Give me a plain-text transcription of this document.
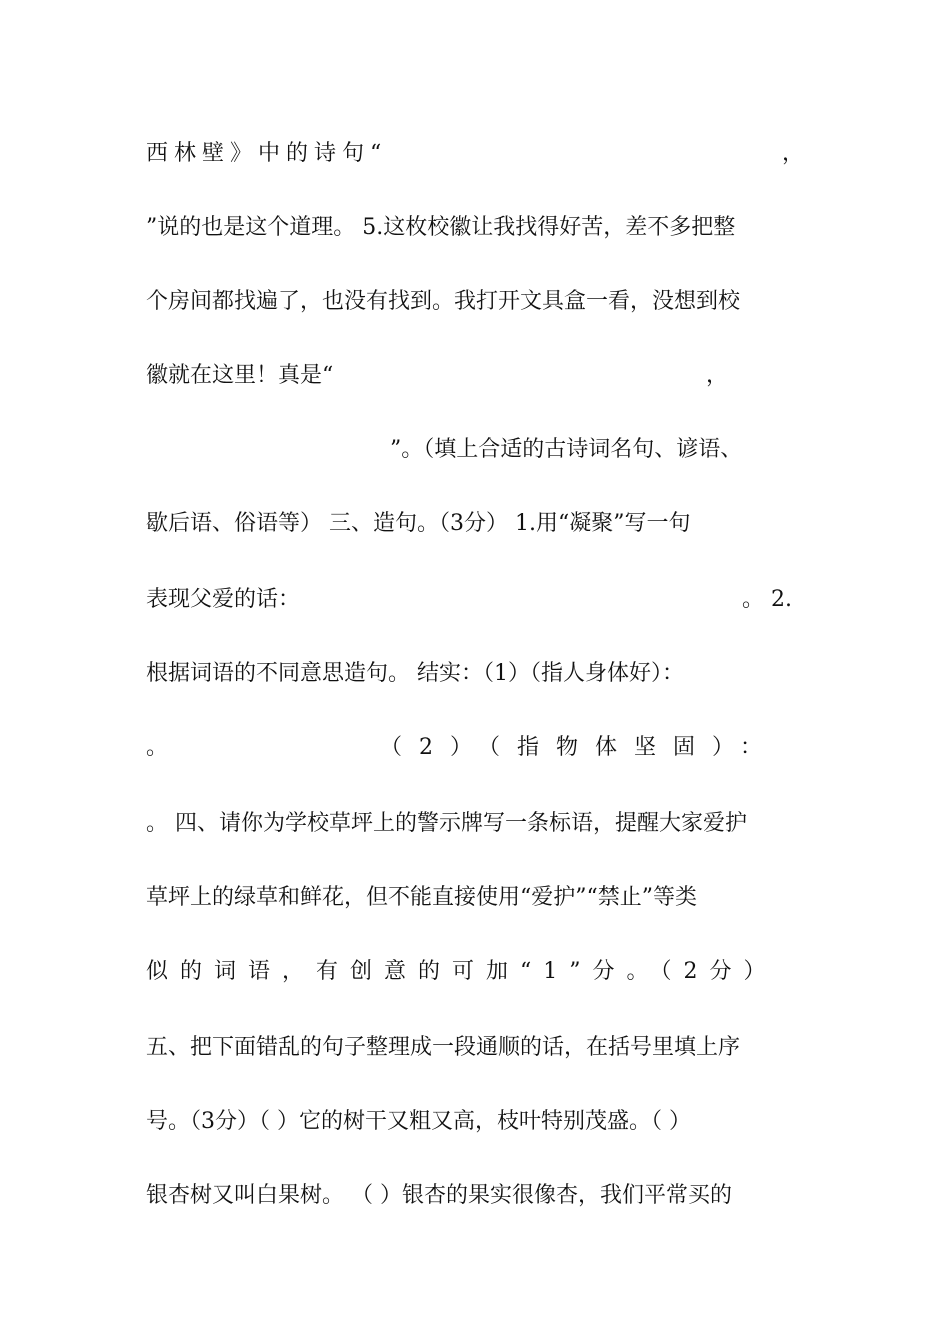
西林壁》中的诗句“	，
”说的也是这个道理。 5.这枚校徽让我找得好苦，差不多把整
个房间都找遍了，也没有找到。我打开文具盒一看，没想到校
徽就在这里！真是“	，
”。（填上合适的古诗词名句、谚语、
歇后语、俗语等） 三、造句。（3分） 1.用“凝聚”写一句
表现父爱的话：	。 2.
根据词语的不同意思造句。 结实：（1）（指人身体好）：
。	（2）（指物体坚固）：
。 四、请你为学校草坪上的警示牌写一条标语，提醒大家爱护
草坪上的绿草和鲜花，但不能直接使用“爱护”“禁止”等类
似的词语，有创意的可加“1”分。（2分）
五、把下面错乱的句子整理成一段通顺的话，在括号里填上序
号。（3分）（ ）它的树干又粗又高，枝叶特别茂盛。（ ）
银杏树又叫白果树。 （ ）银杏的果实很像杏，我们平常买的
